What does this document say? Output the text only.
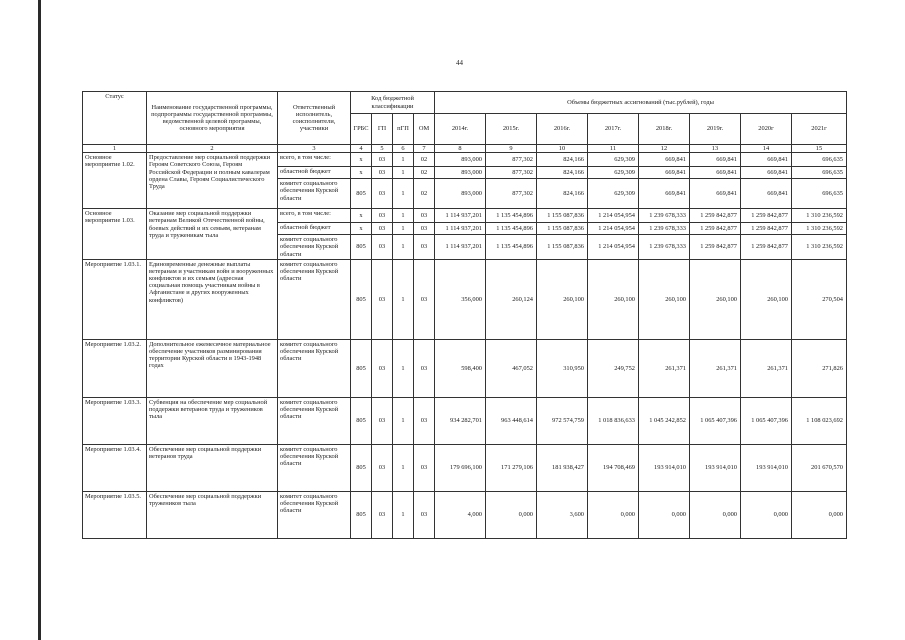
44
Статус	Наименование государственной программы, подпрограммы государственной программы, ведомственной целевой программы, основного мероприятия	Ответственный исполнитель, соисполнители, участники	Код бюджетной классификации				Объемы бюджетных ассигнований (тыс.рублей), годы							
			ГРБС	ГП	пГП	ОМ	2014г.	2015г.	2016г.	2017г.	2018г.	2019г.	2020г	2021г
1	2	3	4	5	6	7	8	9	10	11	12	13	14	15
Основное мероприятие 1.02.	Предоставление мер социальной поддержки Героям Советского Союза, Героям Российской Федерации и полным кавалерам ордена Славы, Героям Социалистического Труда	всего, в том числе:	x	03	1	02	893,000	877,302	824,166	629,309	669,841	669,841	669,841	696,635
		областной бюджет	x	03	1	02	893,000	877,302	824,166	629,309	669,841	669,841	669,841	696,635
		комитет социального обеспечения Курской области	805	03	1	02	893,000	877,302	824,166	629,309	669,841	669,841	669,841	696,635
Основное мероприятие 1.03.	Оказание мер социальной поддержки ветеранам Великой Отечественной войны, боевых действий и их семьям, ветеранам труда и труженикам тыла	всего, в том числе:	x	03	1	03	1 114 937,201	1 135 454,896	1 155 087,836	1 214 054,954	1 239 678,333	1 259 842,877	1 259 842,877	1 310 236,592
		областной бюджет	x	03	1	03	1 114 937,201	1 135 454,896	1 155 087,836	1 214 054,954	1 239 678,333	1 259 842,877	1 259 842,877	1 310 236,592
		комитет социального обеспечения Курской области	805	03	1	03	1 114 937,201	1 135 454,896	1 155 087,836	1 214 054,954	1 239 678,333	1 259 842,877	1 259 842,877	1 310 236,592
Мероприятие 1.03.1.	Единовременные денежные выплаты ветеранам и участникам войн и вооруженных конфликтов и их семьям (адресная социальная помощь участникам войны в Афганистане и других вооруженных конфликтов)	комитет социального обеспечения Курской области	805	03	1	03	356,000	260,124	260,100	260,100	260,100	260,100	260,100	270,504
Мероприятие 1.03.2.	Дополнительное ежемесячное материальное обеспечение участников разминирования территории Курской области в 1943-1948 годах	комитет социального обеспечения Курской области	805	03	1	03	598,400	467,052	310,950	249,752	261,371	261,371	261,371	271,826
Мероприятие 1.03.3.	Субвенция на обеспечение мер социальной поддержки ветеранов труда и тружеников тыла	комитет социального обеспечения Курской области	805	03	1	03	934 282,701	963 448,614	972 574,759	1 018 836,633	1 045 242,852	1 065 407,396	1 065 407,396	1 108 023,692
Мероприятие 1.03.4.	Обеспечение мер социальной поддержки ветеранов труда	комитет социального обеспечения Курской области	805	03	1	03	179 696,100	171 279,106	181 938,427	194 708,469	193 914,010	193 914,010	193 914,010	201 670,570
Мероприятие 1.03.5.	Обеспечение мер социальной поддержки тружеников тыла	комитет социального обеспечения Курской области	805	03	1	03	4,000	0,000	3,600	0,000	0,000	0,000	0,000	0,000
